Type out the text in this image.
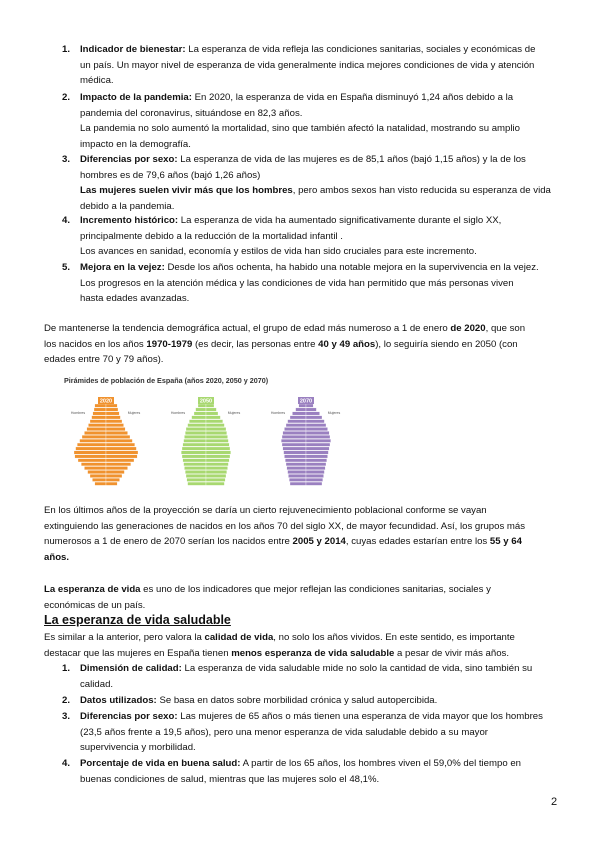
1.	Indicador de bienestar: La esperanza de vida refleja las condiciones sanitarias, sociales y económicas de
un país. Un mayor nivel de esperanza de vida generalmente indica mejores condiciones de vida y atención
médica.
2.	Impacto de la pandemia: En 2020, la esperanza de vida en España disminuyó 1,24 años debido a la
pandemia del coronavirus, situándose en 82,3 años.
La pandemia no solo aumentó la mortalidad, sino que también afectó la natalidad, mostrando su amplio
impacto en la demografía.
3.	Diferencias por sexo: La esperanza de vida de las mujeres es de 85,1 años (bajó 1,15 años) y la de los
hombres es de 79,6 años (bajó 1,26 años)
Las mujeres suelen vivir más que los hombres, pero ambos sexos han visto reducida su esperanza de vida
debido a la pandemia.
4.	Incremento histórico: La esperanza de vida ha aumentado significativamente durante el siglo XX,
principalmente debido a la reducción de la mortalidad infantil .
Los avances en sanidad, economía y estilos de vida han sido cruciales para este incremento.
5.	Mejora en la vejez: Desde los años ochenta, ha habido una notable mejora en la supervivencia en la vejez.
Los progresos en la atención médica y las condiciones de vida han permitido que más personas viven
hasta edades avanzadas.

De mantenerse la tendencia demográfica actual, el grupo de edad más numeroso a 1 de enero de 2020, que son
los nacidos en los años 1970-1979 (es decir, las personas entre 40 y 49 años), lo seguiría siendo en 2050 (con
edades entre 70 y 79 años).

Pirámides de población de España (años 2020, 2050 y 2070)
2020
Hombres	Mujeres
2050
Hombres	Mujeres
2070
Hombres	Mujeres

En los últimos años de la proyección se daría un cierto rejuvenecimiento poblacional conforme se vayan
extinguiendo las generaciones de nacidos en los años 70 del siglo XX, de mayor fecundidad. Así, los grupos más
numerosos a 1 de enero de 2070 serían los nacidos entre 2005 y 2014, cuyas edades estarían entre los 55 y 64
años.

La esperanza de vida es uno de los indicadores que mejor reflejan las condiciones sanitarias, sociales y
económicas de un país.

La esperanza de vida saludable

Es similar a la anterior, pero valora la calidad de vida, no solo los años vividos. En este sentido, es importante
destacar que las mujeres en España tienen menos esperanza de vida saludable a pesar de vivir más años.

1.	Dimensión de calidad: La esperanza de vida saludable mide no solo la cantidad de vida, sino también su
calidad.
2.	Datos utilizados: Se basa en datos sobre morbilidad crónica y salud autopercibida.
3.	Diferencias por sexo: Las mujeres de 65 años o más tienen una esperanza de vida mayor que los hombres
(23,5 años frente a 19,5 años), pero una menor esperanza de vida saludable debido a su mayor
supervivencia y morbilidad.
4.	Porcentaje de vida en buena salud: A partir de los 65 años, los hombres viven el 59,0% del tiempo en
buenas condiciones de salud, mientras que las mujeres solo el 48,1%.
2
